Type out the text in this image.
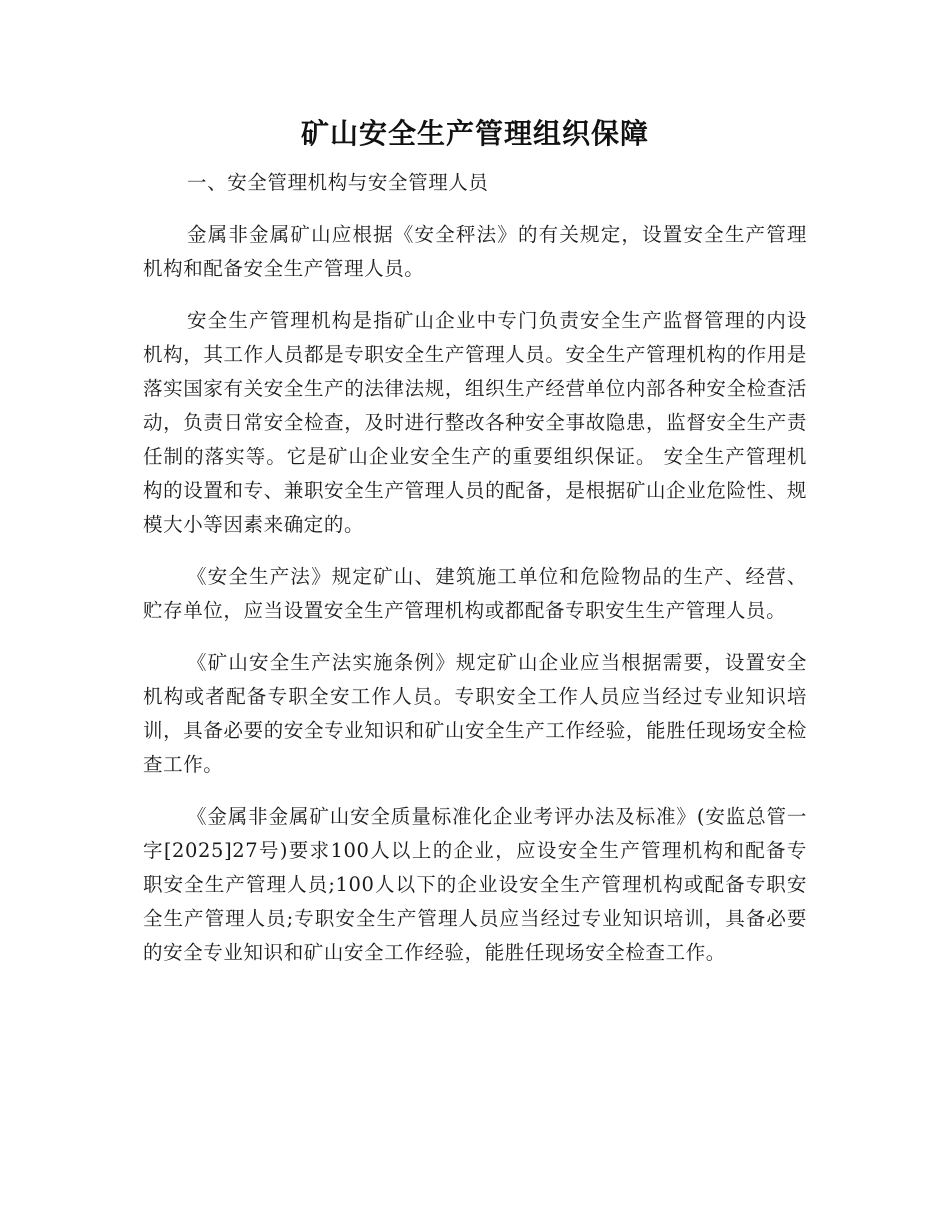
矿山安全生产管理组织保障

一、安全管理机构与安全管理人员

金属非金属矿山应根据《安全秤法》的有关规定，设置安全生产管理机构和配备安全生产管理人员。

安全生产管理机构是指矿山企业中专门负责安全生产监督管理的内设机构，其工作人员都是专职安全生产管理人员。安全生产管理机构的作用是落实国家有关安全生产的法律法规，组织生产经营单位内部各种安全检查活动，负责日常安全检查，及时进行整改各种安全事故隐患，监督安全生产责任制的落实等。它是矿山企业安全生产的重要组织保证。 安全生产管理机构的设置和专、兼职安全生产管理人员的配备，是根据矿山企业危险性、规模大小等因素来确定的。

《安全生产法》规定矿山、建筑施工单位和危险物品的生产、经营、贮存单位，应当设置安全生产管理机构或都配备专职安生生产管理人员。

《矿山安全生产法实施条例》规定矿山企业应当根据需要，设置安全机构或者配备专职全安工作人员。专职安全工作人员应当经过专业知识培训，具备必要的安全专业知识和矿山安全生产工作经验，能胜任现场安全检查工作。

《金属非金属矿山安全质量标准化企业考评办法及标准》(安监总管一字[2025]27号)要求100人以上的企业，应设安全生产管理机构和配备专职安全生产管理人员;100人以下的企业设安全生产管理机构或配备专职安全生产管理人员;专职安全生产管理人员应当经过专业知识培训，具备必要的安全专业知识和矿山安全工作经验，能胜任现场安全检查工作。
